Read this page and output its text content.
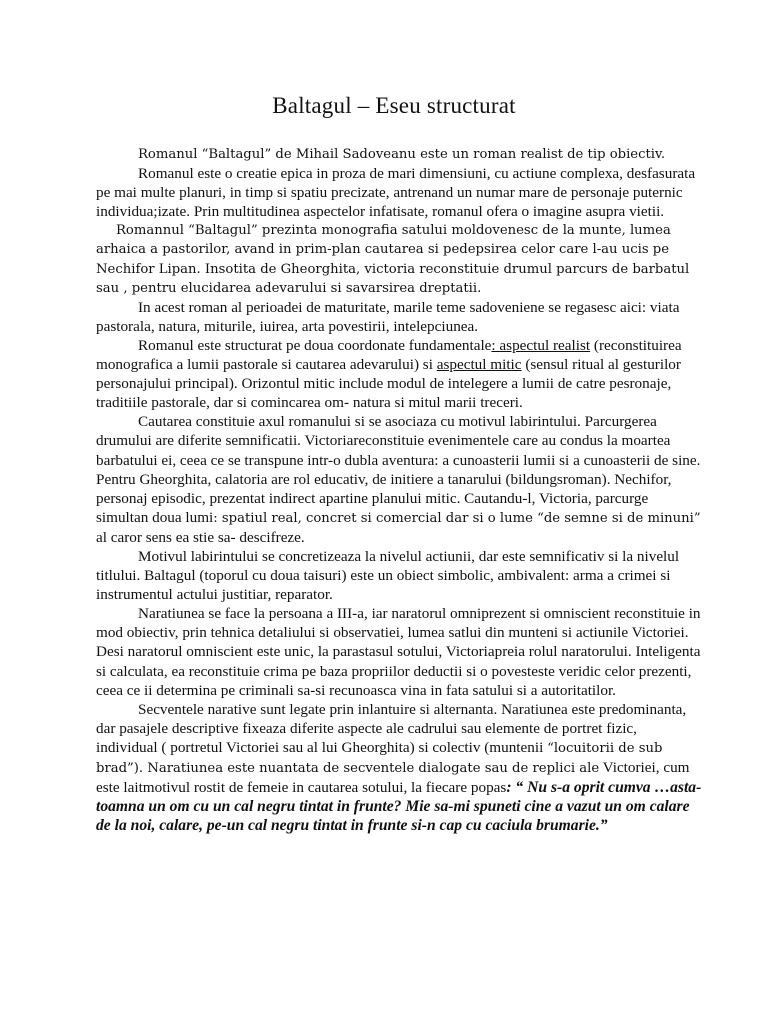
Baltagul – Eseu structurat

Romanul “Baltagul” de Mihail Sadoveanu este un roman realist de tip obiectiv.

Romanul este o creatie epica in proza de mari dimensiuni, cu actiune complexa, desfasurata pe mai multe planuri, in timp si spatiu precizate, antrenand un numar mare de personaje puternic individua;izate. Prin multitudinea aspectelor infatisate, romanul ofera o imagine asupra vietii.

Romannul “Baltagul” prezinta monografia satului moldovenesc de la munte, lumea arhaica a pastorilor, avand in prim-plan cautarea si pedepsirea celor care l-au ucis pe Nechifor Lipan. Insotita de Gheorghita, victoria reconstituie drumul parcurs de barbatul sau , pentru elucidarea adevarului si savarsirea dreptatii.

In acest roman al perioadei de maturitate, marile teme sadoveniene se regasesc aici: viata pastorala, natura, miturile, iuirea, arta povestirii, intelepciunea.

Romanul este structurat pe doua coordonate fundamentale: aspectul realist (reconstituirea monografica a lumii pastorale si cautarea adevarului) si aspectul mitic (sensul ritual al gesturilor personajului principal). Orizontul mitic include modul de intelegere a lumii de catre pesronaje, traditiile pastorale, dar si comincarea om- natura si mitul marii treceri.

Cautarea constituie axul romanului si se asociaza cu motivul labirintului. Parcurgerea drumului are diferite semnificatii. Victoriareconstituie evenimentele care au condus la moartea barbatului ei, ceea ce se transpune intr-o dubla aventura: a cunoasterii lumii si a cunoasterii de sine. Pentru Gheorghita, calatoria are rol educativ, de initiere a tanarului (bildungsroman). Nechifor, personaj episodic, prezentat indirect apartine planului mitic. Cautandu-l, Victoria, parcurge simultan doua lumi: spatiul real, concret si comercial dar si o lume “de semne si de minuni” al caror sens ea stie sa- descifreze.

Motivul labirintului se concretizeaza la nivelul actiunii, dar este semnificativ si la nivelul titlului. Baltagul (toporul cu doua taisuri) este un obiect simbolic, ambivalent: arma a crimei si instrumentul actului justitiar, reparator.

Naratiunea se face la persoana a III-a, iar naratorul omniprezent si omniscient reconstituie in mod obiectiv, prin tehnica detaliului si observatiei, lumea satlui din munteni si actiunile Victoriei. Desi naratorul omniscient este unic, la parastasul sotului, Victoriapreia rolul naratorului. Inteligenta si calculata, ea reconstituie crima pe baza propriilor deductii si o povesteste veridic celor prezenti, ceea ce ii determina pe criminali sa-si recunoasca vina in fata satului si a autoritatilor.

Secventele narative sunt legate prin inlantuire si alternanta. Naratiunea este predominanta, dar pasajele descriptive fixeaza diferite aspecte ale cadrului sau elemente de portret fizic, individual ( portretul Victoriei sau al lui Gheorghita) si colectiv (muntenii “locuitorii de sub brad”). Naratiunea este nuantata de secventele dialogate sau de replici ale Victoriei, cum este laitmotivul rostit de femeie in cautarea sotului, la fiecare popas: “ Nu s-a oprit cumva …asta-toamna un om cu un cal negru tintat in frunte? Mie sa-mi spuneti cine a vazut un om calare de la noi, calare, pe-un cal negru tintat in frunte si-n cap cu caciula brumarie.”
